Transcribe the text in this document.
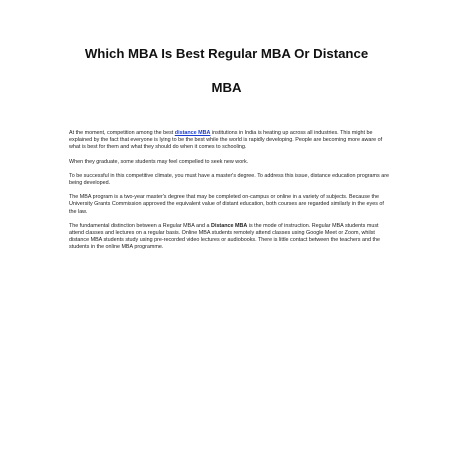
Which MBA Is Best Regular MBA Or Distance
MBA

At the moment, competition among the best distance MBA institutions in India is heating up across all industries. This might be explained by the fact that everyone is lying to be the best while the world is rapidly developing. People are becoming more aware of what is best for them and what they should do when it comes to schooling.

When they graduate, some students may feel compelled to seek new work.

To be successful in this competitive climate, you must have a master's degree. To address this issue, distance education programs are being developed.

The MBA program is a two-year master's degree that may be completed on-campus or online in a variety of subjects. Because the University Grants Commission approved the equivalent value of distant education, both courses are regarded similarly in the eyes of the law.

The fundamental distinction between a Regular MBA and a Distance MBA is the mode of instruction. Regular MBA students must attend classes and lectures on a regular basis. Online MBA students remotely attend classes using Google Meet or Zoom, whilst distance MBA students study using pre-recorded video lectures or audiobooks. There is little contact between the teachers and the students in the online MBA programme.
